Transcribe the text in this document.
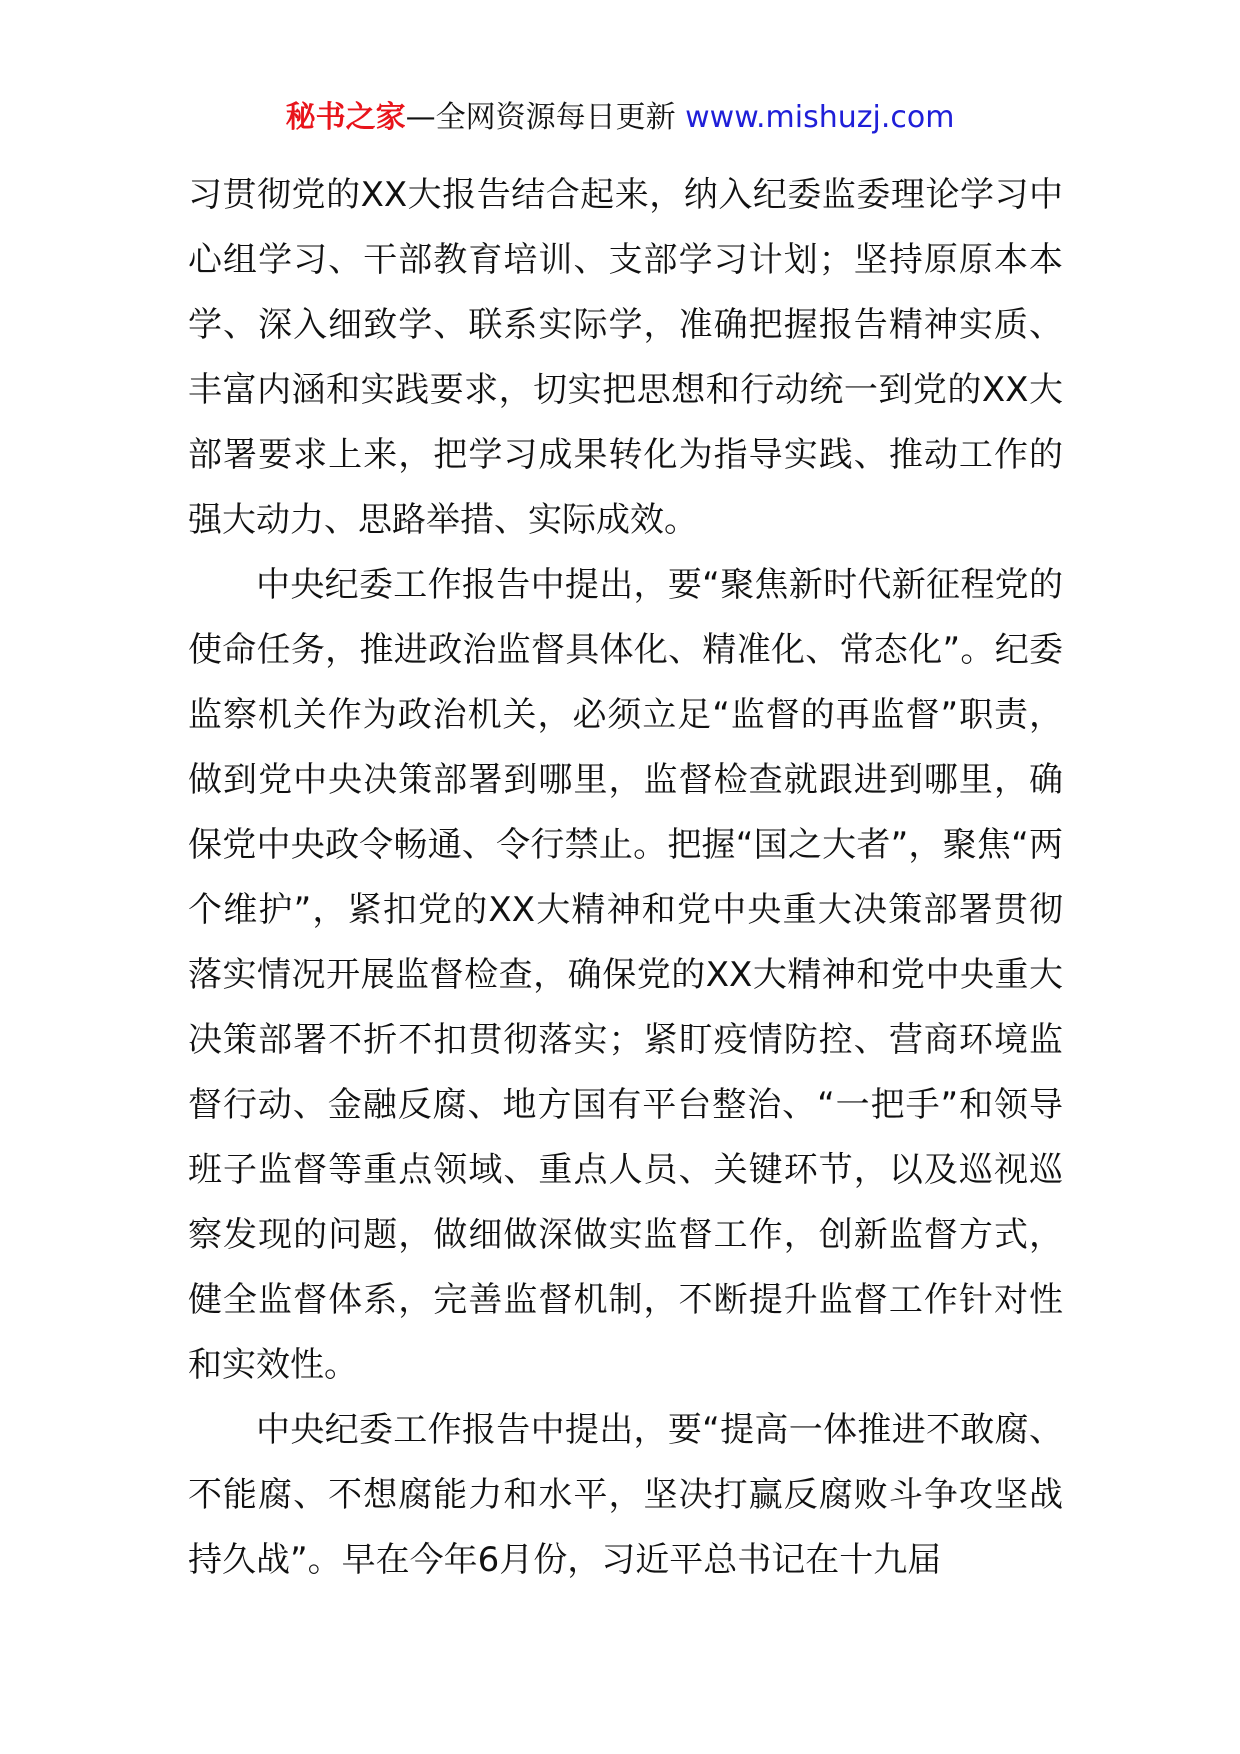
秘书之家—全网资源每日更新 www.mishuzj.com

习贯彻党的XX大报告结合起来，纳入纪委监委理论学习中心组学习、干部教育培训、支部学习计划；坚持原原本本学、深入细致学、联系实际学，准确把握报告精神实质、丰富内涵和实践要求，切实把思想和行动统一到党的XX大部署要求上来，把学习成果转化为指导实践、推动工作的强大动力、思路举措、实际成效。

中央纪委工作报告中提出，要“聚焦新时代新征程党的使命任务，推进政治监督具体化、精准化、常态化”。纪委监察机关作为政治机关，必须立足“监督的再监督”职责，做到党中央决策部署到哪里，监督检查就跟进到哪里，确保党中央政令畅通、令行禁止。把握“国之大者”，聚焦“两个维护”，紧扣党的XX大精神和党中央重大决策部署贯彻落实情况开展监督检查，确保党的XX大精神和党中央重大决策部署不折不扣贯彻落实；紧盯疫情防控、营商环境监督行动、金融反腐、地方国有平台整治、“一把手”和领导班子监督等重点领域、重点人员、关键环节，以及巡视巡察发现的问题，做细做深做实监督工作，创新监督方式，健全监督体系，完善监督机制，不断提升监督工作针对性和实效性。

中央纪委工作报告中提出，要“提高一体推进不敢腐、不能腐、不想腐能力和水平，坚决打赢反腐败斗争攻坚战持久战”。早在今年6月份，习近平总书记在十九届
